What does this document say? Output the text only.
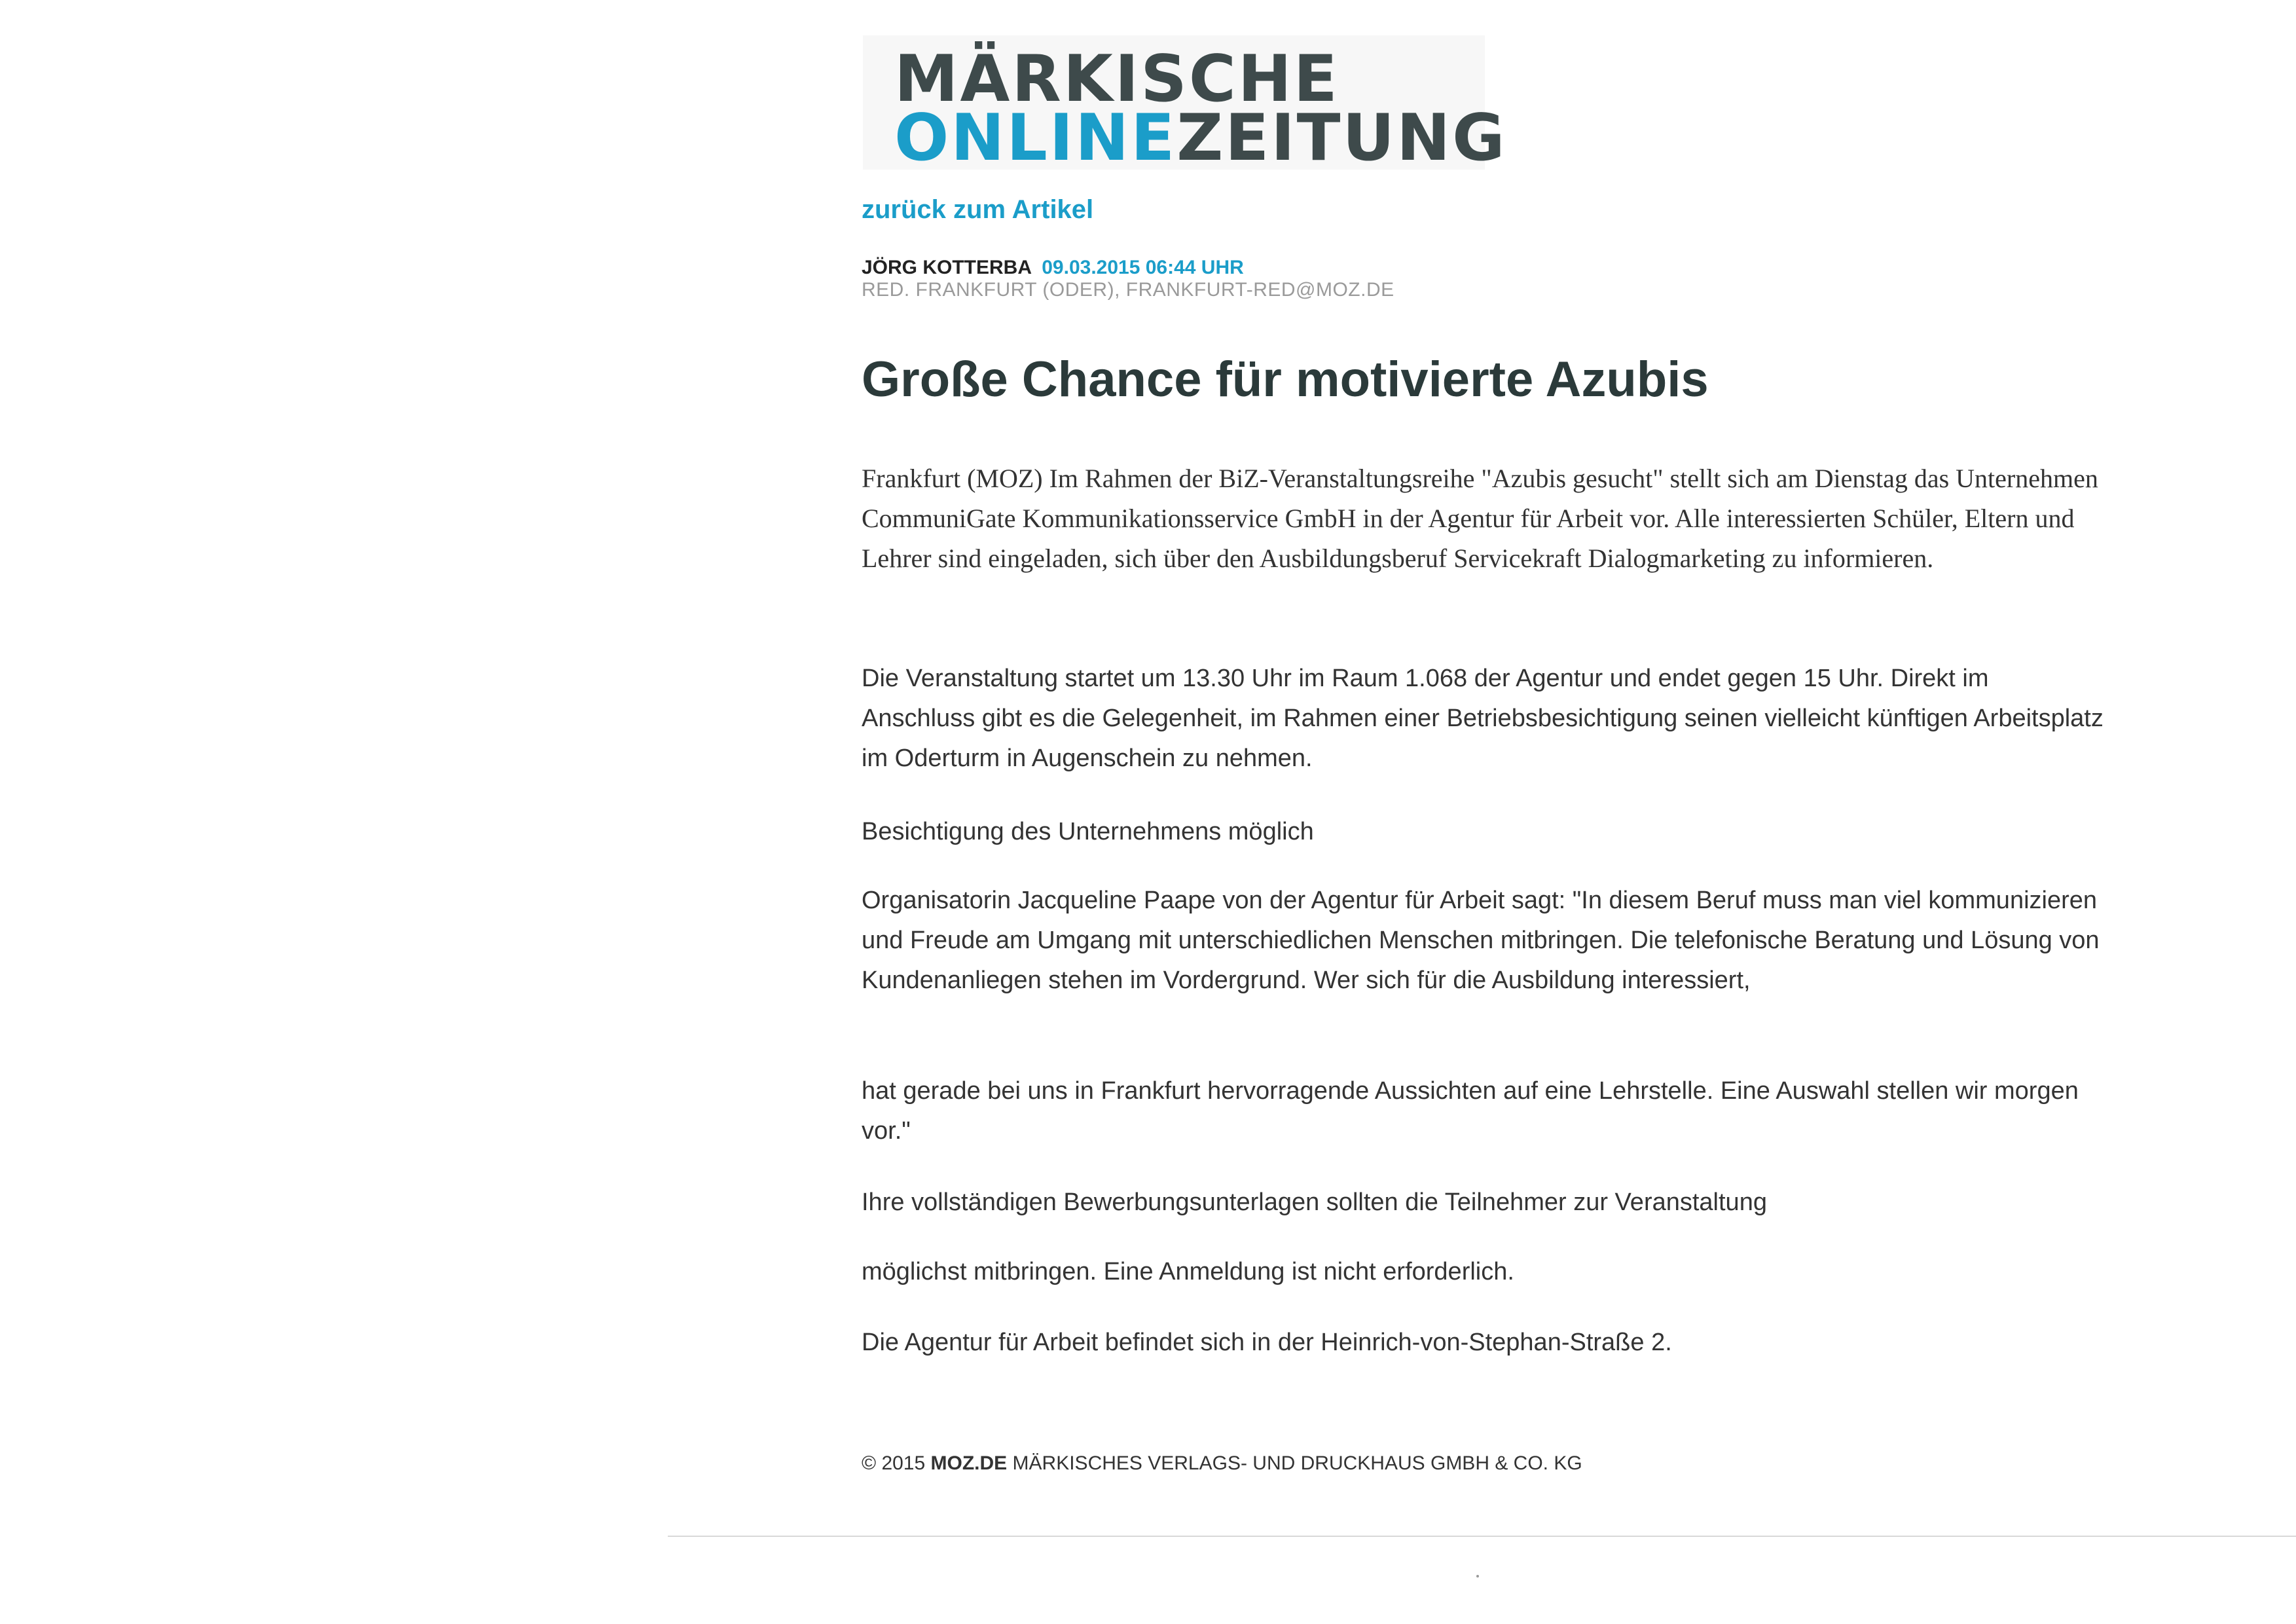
MÄRKISCHE
ONLINEZEITUNG
zurück zum Artikel
JÖRG KOTTERBA 09.03.2015 06:44 UHR
RED. FRANKFURT (ODER), FRANKFURT-RED@MOZ.DE
Große Chance für motivierte Azubis

Frankfurt (MOZ) Im Rahmen der BiZ-Veranstaltungsreihe "Azubis gesucht" stellt sich am Dienstag das Unternehmen CommuniGate Kommunikationsservice GmbH in der Agentur für Arbeit vor. Alle interessierten Schüler, Eltern und Lehrer sind eingeladen, sich über den Ausbildungsberuf Servicekraft Dialogmarketing zu informieren.

Die Veranstaltung startet um 13.30 Uhr im Raum 1.068 der Agentur und endet gegen 15 Uhr. Direkt im Anschluss gibt es die Gelegenheit, im Rahmen einer Betriebsbesichtigung seinen vielleicht künftigen Arbeitsplatz im Oderturm in Augenschein zu nehmen.

Besichtigung des Unternehmens möglich

Organisatorin Jacqueline Paape von der Agentur für Arbeit sagt: "In diesem Beruf muss man viel kommunizieren und Freude am Umgang mit unterschiedlichen Menschen mitbringen. Die telefonische Beratung und Lösung von Kundenanliegen stehen im Vordergrund. Wer sich für die Ausbildung interessiert,

hat gerade bei uns in Frankfurt hervorragende Aussichten auf eine Lehrstelle. Eine Auswahl stellen wir morgen vor."

Ihre vollständigen Bewerbungsunterlagen sollten die Teilnehmer zur Veranstaltung

möglichst mitbringen. Eine Anmeldung ist nicht erforderlich.

Die Agentur für Arbeit befindet sich in der Heinrich-von-Stephan-Straße 2.

© 2015 MOZ.DE MÄRKISCHES VERLAGS- UND DRUCKHAUS GMBH & CO. KG
